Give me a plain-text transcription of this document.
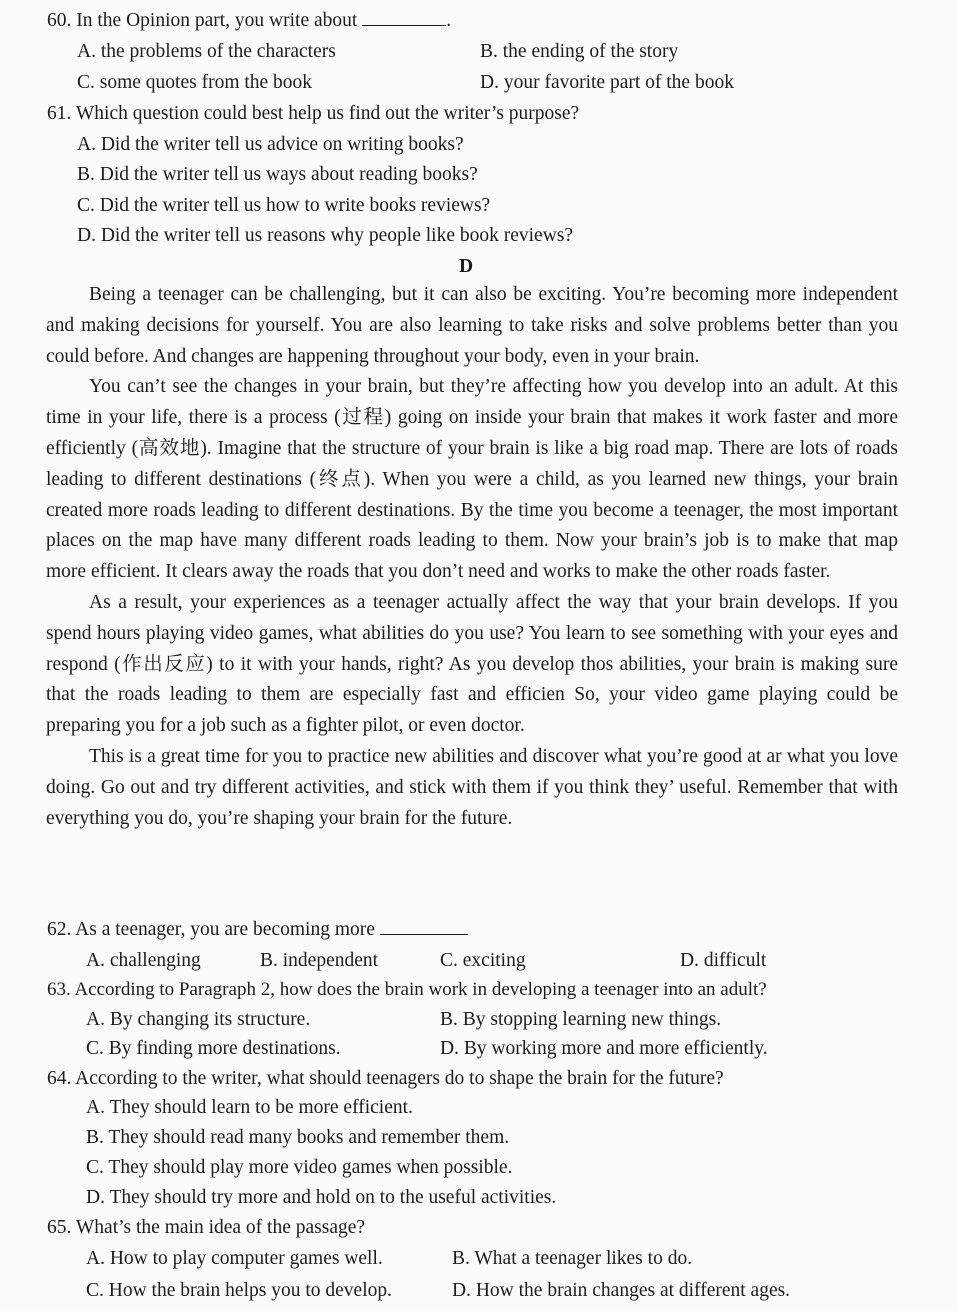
60. In the Opinion part, you write about	.
A. the problems of the characters	B. the ending of the story
C. some quotes from the book	D. your favorite part of the book
61. Which question could best help us find out the writer’s purpose?
A. Did the writer tell us advice on writing books?
B. Did the writer tell us ways about reading books?
C. Did the writer tell us how to write books reviews?
D. Did the writer tell us reasons why people like book reviews?
D

Being a teenager can be challenging, but it can also be exciting. You’re becoming more independent and making decisions for yourself. You are also learning to take risks and solve problems better than you could before. And changes are happening throughout your body, even in your brain.

You can’t see the changes in your brain, but they’re affecting how you develop into an adult. At this time in your life, there is a process (过程) going on inside your brain that makes it work faster and more efficiently (高效地). Imagine that the structure of your brain is like a big road map. There are lots of roads leading to different destinations (终点). When you were a child, as you learned new things, your brain created more roads leading to different destinations. By the time you become a teenager, the most important places on the map have many different roads leading to them. Now your brain’s job is to make that map more efficient. It clears away the roads that you don’t need and works to make the other roads faster.

As a result, your experiences as a teenager actually affect the way that your brain develops. If you spend hours playing video games, what abilities do you use? You learn to see something with your eyes and respond (作出反应) to it with your hands, right? As you develop thos abilities, your brain is making sure that the roads leading to them are especially fast and efficien So, your video game playing could be preparing you for a job such as a fighter pilot, or even doctor.

This is a great time for you to practice new abilities and discover what you’re good at ar what you love doing. Go out and try different activities, and stick with them if you think they’ useful. Remember that with everything you do, you’re shaping your brain for the future.

62. As a teenager, you are becoming more
A. challenging	B. independent	C. exciting	D. difficult
63. According to Paragraph 2, how does the brain work in developing a teenager into an adult?
A. By changing its structure.	B. By stopping learning new things.
C. By finding more destinations.	D. By working more and more efficiently.
64. According to the writer, what should teenagers do to shape the brain for the future?
A. They should learn to be more efficient.
B. They should read many books and remember them.
C. They should play more video games when possible.
D. They should try more and hold on to the useful activities.
65. What’s the main idea of the passage?
A. How to play computer games well.	B. What a teenager likes to do.
C. How the brain helps you to develop.	D. How the brain changes at different ages.
